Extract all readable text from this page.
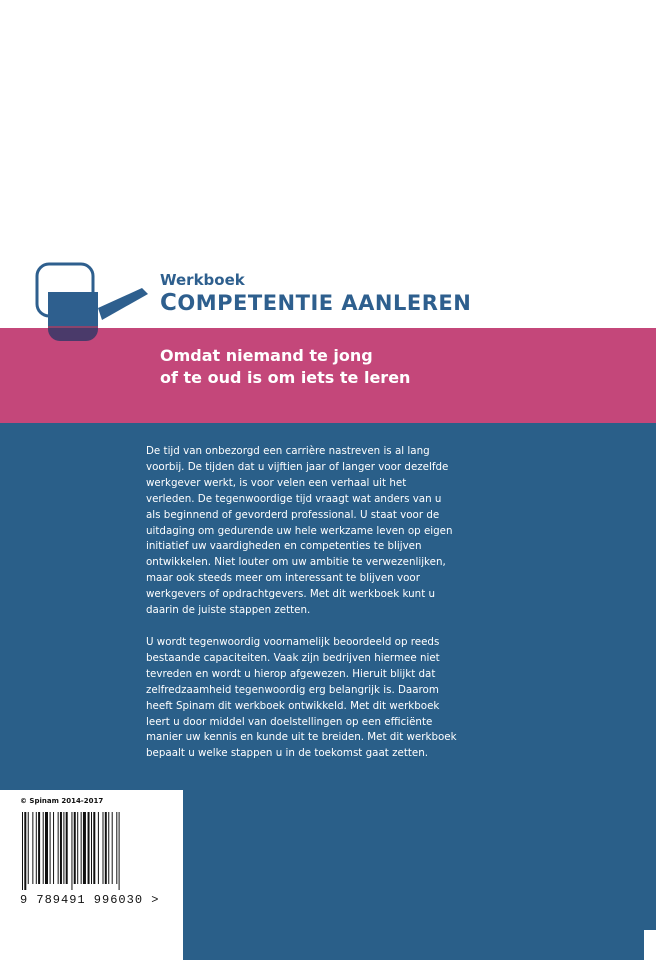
Werkboek
COMPETENTIE AANLEREN
Omdat niemand te jong
of te oud is om iets te leren

De tijd van onbezorgd een carrière nastreven is al lang voorbij. De tijden dat u vijftien jaar of langer voor dezelfde werkgever werkt, is voor velen een verhaal uit het verleden. De tegenwoordige tijd vraagt wat anders van u als beginnend of gevorderd professional. U staat voor de uitdaging om gedurende uw hele werkzame leven op eigen initiatief uw vaardigheden en competenties te blijven ontwikkelen. Niet louter om uw ambitie te verwezenlijken, maar ook steeds meer om interessant te blijven voor werkgevers of opdrachtgevers. Met dit werkboek kunt u daarin de juiste stappen zetten.

U wordt tegenwoordig voornamelijk beoordeeld op reeds bestaande capaciteiten. Vaak zijn bedrijven hiermee niet tevreden en wordt u hierop afgewezen. Hieruit blijkt dat zelfredzaamheid tegenwoordig erg belangrijk is. Daarom heeft Spinam dit werkboek ontwikkeld. Met dit werkboek leert u door middel van doelstellingen op een efficiënte manier uw kennis en kunde uit te breiden. Met dit werkboek bepaalt u welke stappen u in de toekomst gaat zetten.

© Spinam 2014-2017
9 789491 996030 >
